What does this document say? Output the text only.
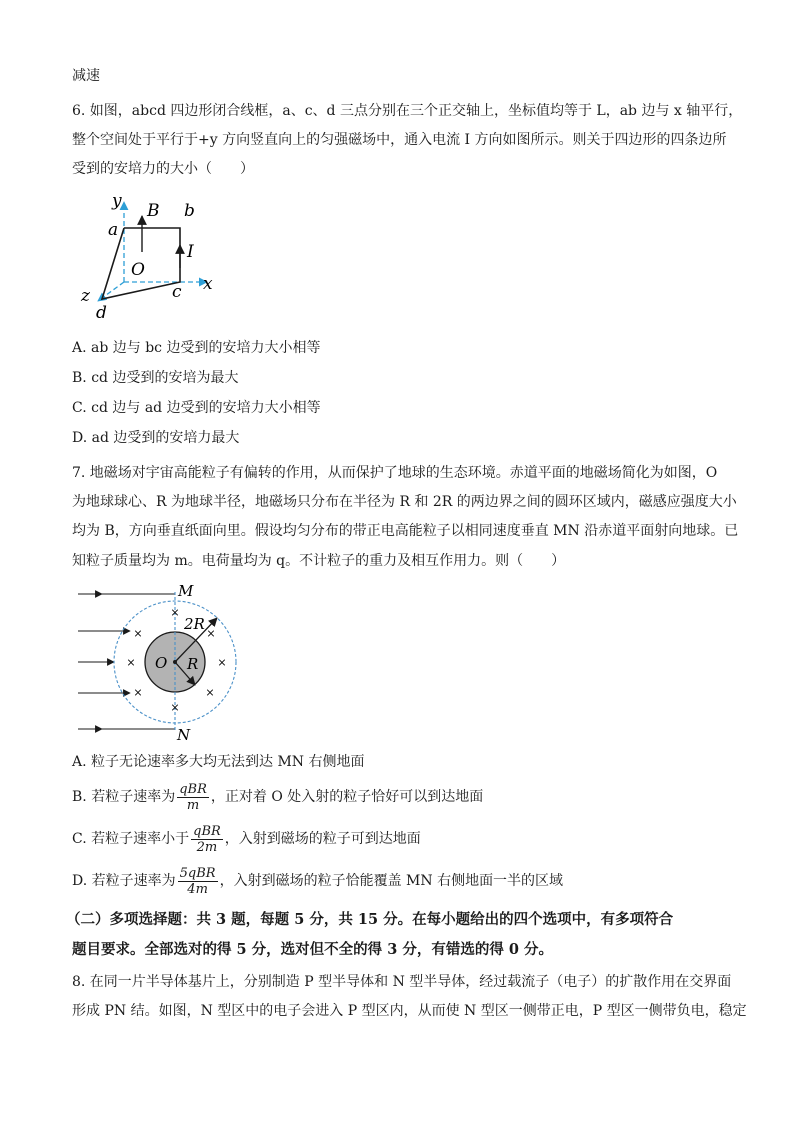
减速
6. 如图，abcd 四边形闭合线框，a、c、d 三点分别在三个正交轴上，坐标值均等于 L，ab 边与 x 轴平行，
整个空间处于平行于+y 方向竖直向上的匀强磁场中，通入电流 I 方向如图所示。则关于四边形的四条边所
受到的安培力的大小（　　）
y B b
a
I
O
x
c
z
d
A. ab 边与 bc 边受到的安培力大小相等
B. cd 边受到的安培为最大
C. cd 边与 ad 边受到的安培力大小相等
D. ad 边受到的安培力最大
7. 地磁场对宇宙高能粒子有偏转的作用，从而保护了地球的生态环境。赤道平面的地磁场简化为如图，O
为地球球心、R 为地球半径，地磁场只分布在半径为 R 和 2R 的两边界之间的圆环区域内，磁感应强度大小
均为 B，方向垂直纸面向里。假设均匀分布的带正电高能粒子以相同速度垂直 MN 沿赤道平面射向地球。已
知粒子质量均为 m。电荷量均为 q。不计粒子的重力及相互作用力。则（　　）
×
×	×
×	×
×	×
×
M
2R
O R
N
A. 粒子无论速率多大均无法到达 MN 右侧地面
B. 若粒子速率为 $\frac{\text{qBR}}{m}$ ，正对着 O 处入射的粒子恰好可以到达地面
C. 若粒子速率小于 $\frac{\text{qBR}}{2m}$ ，入射到磁场的粒子可到达地面
D. 若粒子速率为 $\frac{\text{5qBR}}{4m}$ ，入射到磁场的粒子恰能覆盖 MN 右侧地面一半的区域
（二）多项选择题：共 3 题，每题 5 分，共 15 分。在每小题给出的四个选项中，有多项符合
题目要求。全部选对的得 5 分，选对但不全的得 3 分，有错选的得 0 分。
8. 在同一片半导体基片上，分别制造 P 型半导体和 N 型半导体，经过载流子（电子）的扩散作用在交界面
形成 PN 结。如图，N 型区中的电子会进入 P 型区内，从而使 N 型区一侧带正电，P 型区一侧带负电，稳定
